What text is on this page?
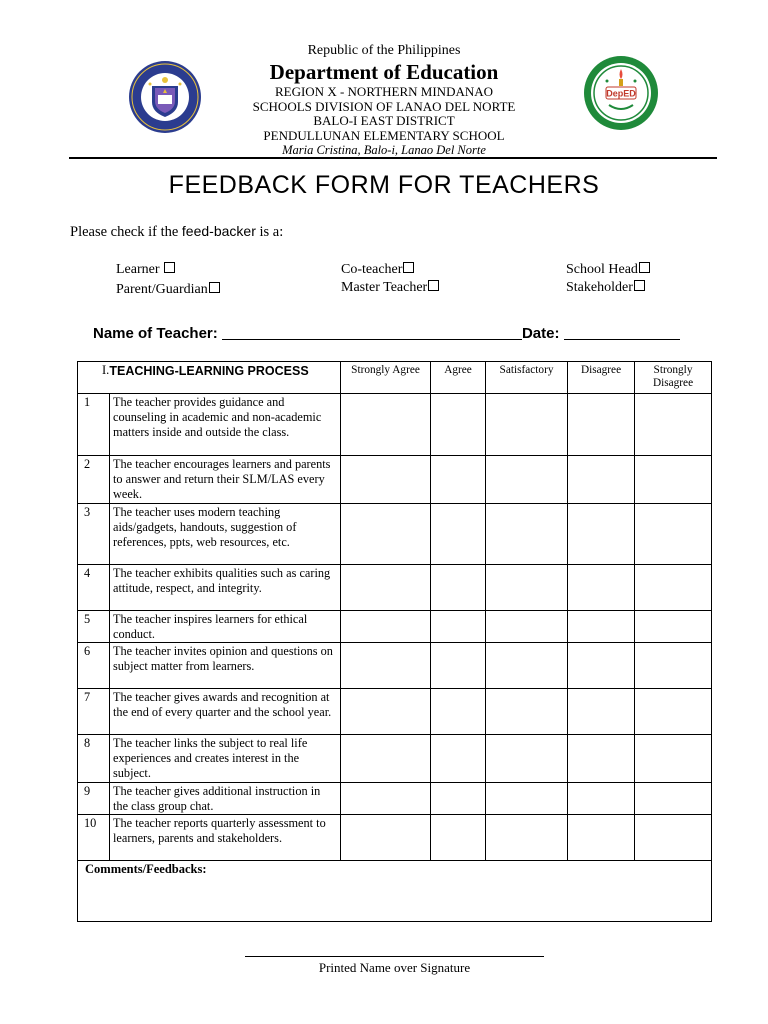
DepED
Republic of the Philippines
Department of Education
REGION X - NORTHERN MINDANAO
SCHOOLS DIVISION OF LANAO DEL NORTE
BALO-I EAST DISTRICT
PENDULLUNAN ELEMENTARY SCHOOL
Maria Cristina, Balo-i, Lanao Del Norte
FEEDBACK FORM FOR TEACHERS
Please check if the feed-backer is a:
Learner
Parent/Guardian
Co-teacher
Master Teacher
School Head
Stakeholder
Name of Teacher:	Date:
I. TEACHING-LEARNING PROCESS		Strongly Agree	Agree	Satisfactory	Disagree	Strongly Disagree
1	The teacher provides guidance and counseling in academic and non-academic matters inside and outside the class.					
2	The teacher encourages learners and parents to answer and return their SLM/LAS every week.					
3	The teacher uses modern teaching aids/gadgets, handouts, suggestion of references, ppts, web resources, etc.					
4	The teacher exhibits qualities such as caring attitude, respect, and integrity.					
5	The teacher inspires learners for ethical conduct.					
6	The teacher invites opinion and questions on subject matter from learners.					
7	The teacher gives awards and recognition at the end of every quarter and the school year.					
8	The teacher links the subject to real life experiences and creates interest in the subject.					
9	The teacher gives additional instruction in the class group chat.					
10	The teacher reports quarterly assessment to learners, parents and stakeholders.					
Comments/Feedbacks:						
Printed Name over Signature
